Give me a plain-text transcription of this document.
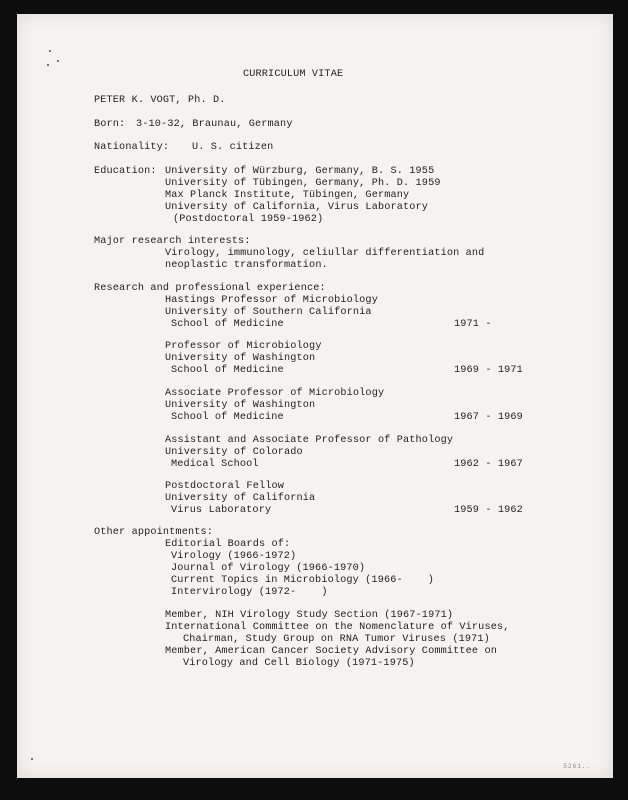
CURRICULUM VITAE
PETER K. VOGT, Ph. D.
Born: 3-10-32, Braunau, Germany
Nationality: U. S. citizen
Education: University of Würzburg, Germany, B. S. 1955
University of Tübingen, Germany, Ph. D. 1959
Max Planck Institute, Tübingen, Germany
University of California, Virus Laboratory
(Postdoctoral 1959-1962)
Major research interests:
Virology, immunology, celiullar differentiation and
neoplastic transformation.
Research and professional experience:
Hastings Professor of Microbiology
University of Southern California
School of Medicine	1971 -
Professor of Microbiology
University of Washington
School of Medicine	1969 - 1971
Associate Professor of Microbiology
University of Washington
School of Medicine	1967 - 1969
Assistant and Associate Professor of Pathology
University of Colorado
Medical School	1962 - 1967
Postdoctoral Fellow
University of California
Virus Laboratory	1959 - 1962
Other appointments:
Editorial Boards of:
Virology (1966-1972)
Journal of Virology (1966-1970)
Current Topics in Microbiology (1966-    )
Intervirology (1972-    )
Member, NIH Virology Study Section (1967-1971)
International Committee on the Nomenclature of Viruses,
Chairman, Study Group on RNA Tumor Viruses (1971)
Member, American Cancer Society Advisory Committee on
Virology and Cell Biology (1971-1975)
5261..
